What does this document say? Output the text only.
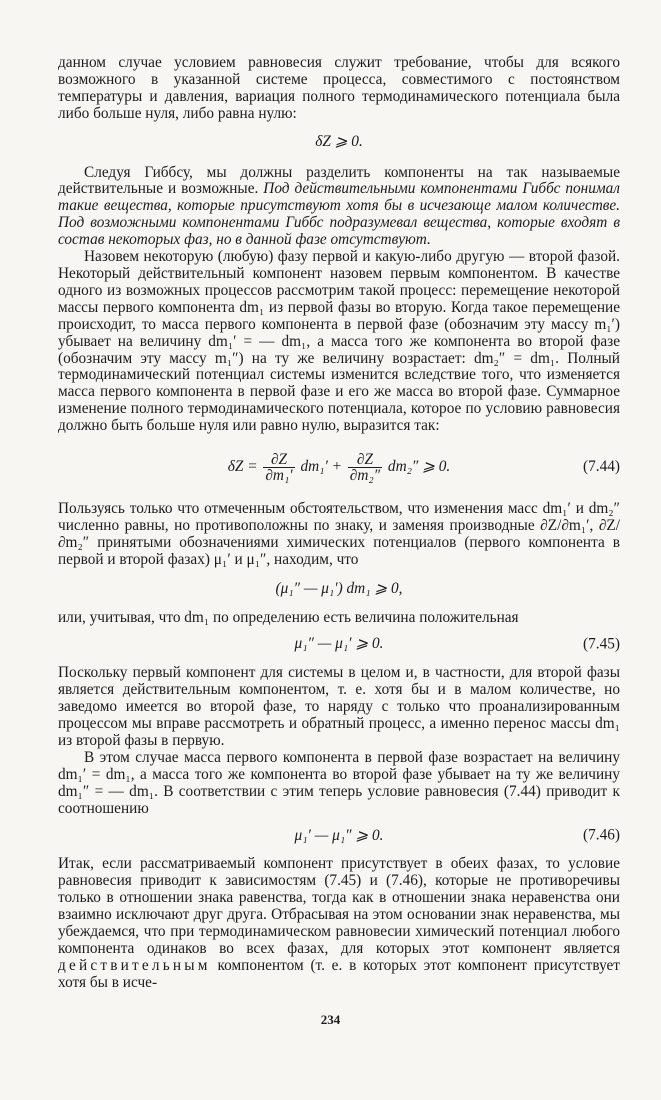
данном случае условием равновесия служит требование, чтобы для всякого возможного в указанной системе процесса, совместимого с постоянством температуры и давления, вариация полного термодинамического потенциала была либо больше нуля, либо равна нулю:

δZ ⩾ 0.

Следуя Гиббсу, мы должны разделить компоненты на так называемые действительные и возможные. Под действительными компонентами Гиббс понимал такие вещества, которые присутствуют хотя бы в исчезающе малом количестве. Под возможными компонентами Гиббс подразумевал вещества, которые входят в состав некоторых фаз, но в данной фазе отсутствуют.

Назовем некоторую (любую) фазу первой и какую-либо другую — второй фазой. Некоторый действительный компонент назовем первым компонентом. В качестве одного из возможных процессов рассмотрим такой процесс: перемещение некоторой массы первого компонента dm₁ из первой фазы во вторую. Когда такое перемещение происходит, то масса первого компонента в первой фазе (обозначим эту массу m₁′) убывает на величину dm₁′ = — dm₁, а масса того же компонента во второй фазе (обозначим эту массу m₁″) на ту же величину возрастает: dm₂″ = dm₁. Полный термодинамический потенциал системы изменится вследствие того, что изменяется масса первого компонента в первой фазе и его же масса во второй фазе. Суммарное изменение полного термодинамического потенциала, которое по условию равновесия должно быть больше нуля или равно нулю, выразится так:

$\delta Z = \frac{\partial Z}{\text{∂m₁′}} dm_1' + \frac{\partial Z}{\text{∂m₂″}} dm_2''$ ⩾ 0.	(7.44)

Пользуясь только что отмеченным обстоятельством, что изменения масс dm₁′ и dm₂″ численно равны, но противоположны по знаку, и заменяя производные ∂Z/∂m₁′, ∂Z/∂m₂″ принятыми обозначениями химических потенциалов (первого компонента в первой и второй фазах) μ₁′ и μ₁″, находим, что

(μ₁″ — μ₁′) dm₁ ⩾ 0,

или, учитывая, что dm₁ по определению есть величина положительная

μ₁″ — μ₁′ ⩾ 0.	(7.45)

Поскольку первый компонент для системы в целом и, в частности, для второй фазы является действительным компонентом, т. е. хотя бы и в малом количестве, но заведомо имеется во второй фазе, то наряду с только что проанализированным процессом мы вправе рассмотреть и обратный процесс, а именно перенос массы dm₁ из второй фазы в первую.

В этом случае масса первого компонента в первой фазе возрастает на величину dm₁′ = dm₁, а масса того же компонента во второй фазе убывает на ту же величину dm₁″ = — dm₁. В соответствии с этим теперь условие равновесия (7.44) приводит к соотношению

μ₁′ — μ₁″ ⩾ 0.	(7.46)

Итак, если рассматриваемый компонент присутствует в обеих фазах, то условие равновесия приводит к зависимостям (7.45) и (7.46), которые не противоречивы только в отношении знака равенства, тогда как в отношении знака неравенства они взаимно исключают друг друга. Отбрасывая на этом основании знак неравенства, мы убеждаемся, что при термодинамическом равновесии химический потенциал любого компонента одинаков во всех фазах, для которых этот компонент является действительным компонентом (т. е. в которых этот компонент присутствует хотя бы в исче-

234
